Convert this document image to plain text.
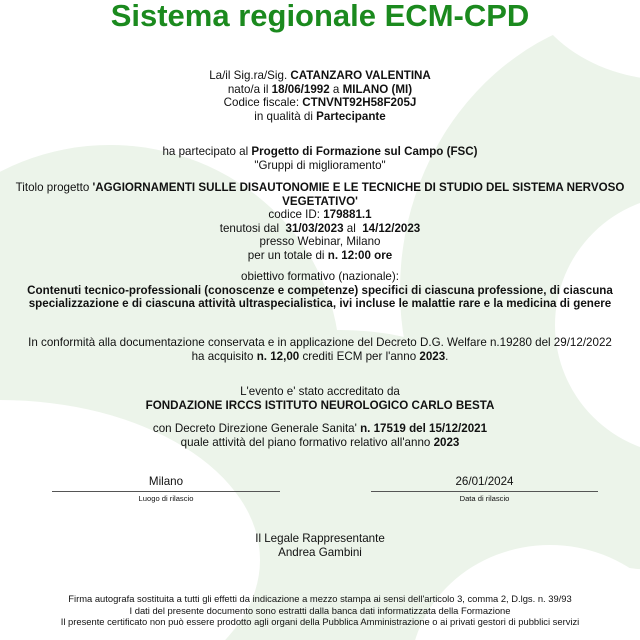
Sistema regionale ECM-CPD
La/il Sig.ra/Sig. CATANZARO VALENTINA
nato/a il 18/06/1992 a MILANO (MI)
Codice fiscale: CTNVNT92H58F205J
in qualità di Partecipante
ha partecipato al Progetto di Formazione sul Campo (FSC)
"Gruppi di miglioramento"
Titolo progetto 'AGGIORNAMENTI SULLE DISAUTONOMIE E LE TECNICHE DI STUDIO DEL SISTEMA NERVOSO
VEGETATIVO'
codice ID: 179881.1
tenutosi dal  31/03/2023 al  14/12/2023
presso Webinar, Milano
per un totale di n. 12:00 ore
obiettivo formativo (nazionale):
Contenuti tecnico-professionali (conoscenze e competenze) specifici di ciascuna professione, di ciascuna
specializzazione e di ciascuna attività ultraspecialistica, ivi incluse le malattie rare e la medicina di genere
In conformità alla documentazione conservata e in applicazione del Decreto D.G. Welfare n.19280 del 29/12/2022
ha acquisito n. 12,00 crediti ECM per l'anno 2023.
L'evento e' stato accreditato da
FONDAZIONE IRCCS ISTITUTO NEUROLOGICO CARLO BESTA
con Decreto Direzione Generale Sanita' n. 17519 del 15/12/2021
quale attività del piano formativo relativo all'anno 2023
Milano
Luogo di rilascio
26/01/2024
Data di rilascio
Il Legale Rappresentante
Andrea Gambini
Firma autografa sostituita a tutti gli effetti da indicazione a mezzo stampa ai sensi dell'articolo 3, comma 2, D.lgs. n. 39/93
I dati del presente documento sono estratti dalla banca dati informatizzata della Formazione
Il presente certificato non può essere prodotto agli organi della Pubblica Amministrazione o ai privati gestori di pubblici servizi
